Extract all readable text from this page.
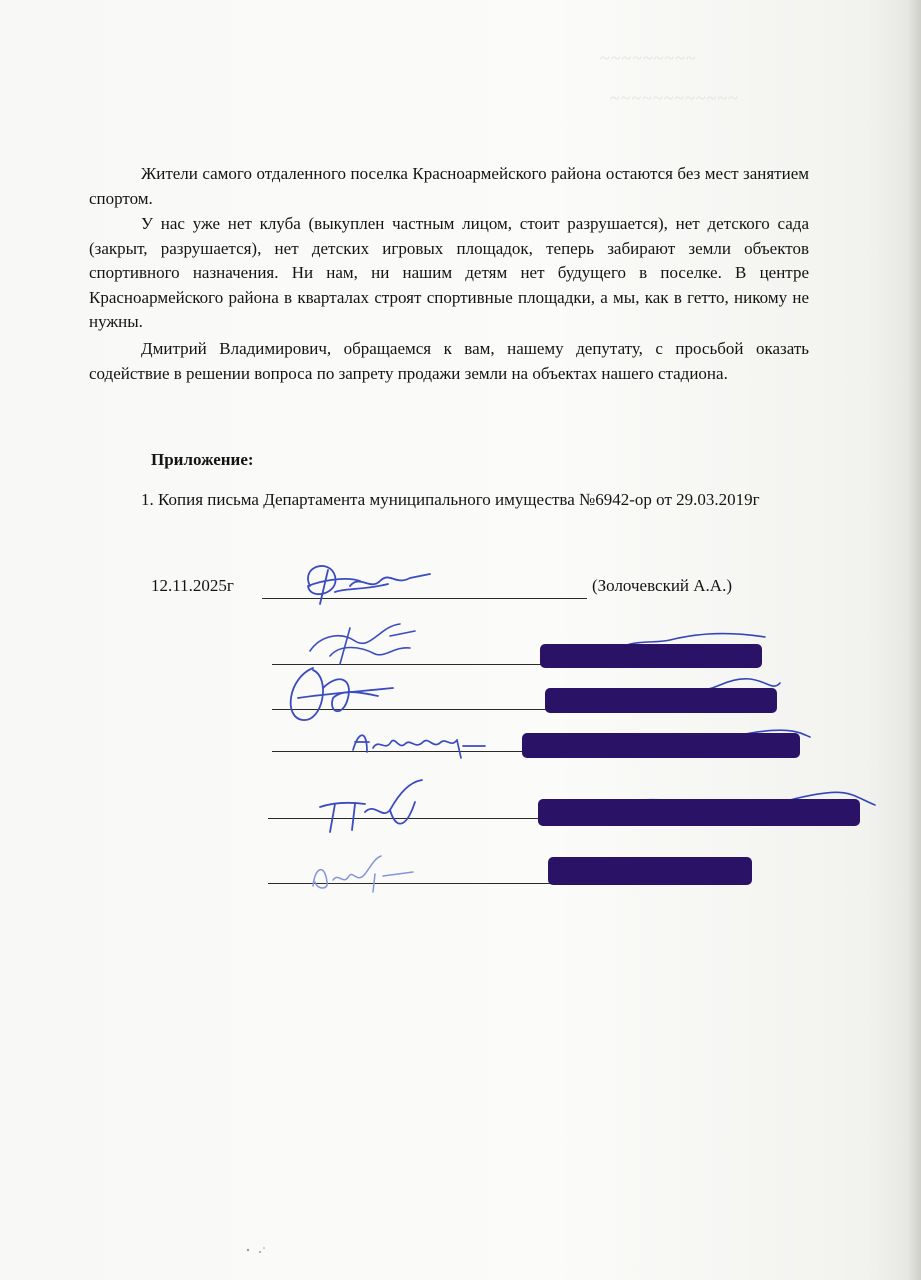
~~~~~~~~~
~~~~~~~~~~~~

Жители самого отдаленного поселка Красноармейского района остаются без мест занятием спортом.

У нас уже нет клуба (выкуплен частным лицом, стоит разрушается), нет детского сада (закрыт, разрушается), нет детских игровых площадок, теперь забирают земли объектов спортивного назначения. Ни нам, ни нашим детям нет будущего в поселке. В центре Красноармейского района в кварталах строят спортивные площадки, а мы, как в гетто, никому не нужны.

Дмитрий Владимирович, обращаемся к вам, нашему депутату, с просьбой оказать содействие в решении вопроса по запрету продажи земли на объектах нашего стадиона.

Приложение:

1. Копия письма Департамента муниципального имущества №6942-ор от 29.03.2019г

12.11.2025г	(Золочевский А.А.)
